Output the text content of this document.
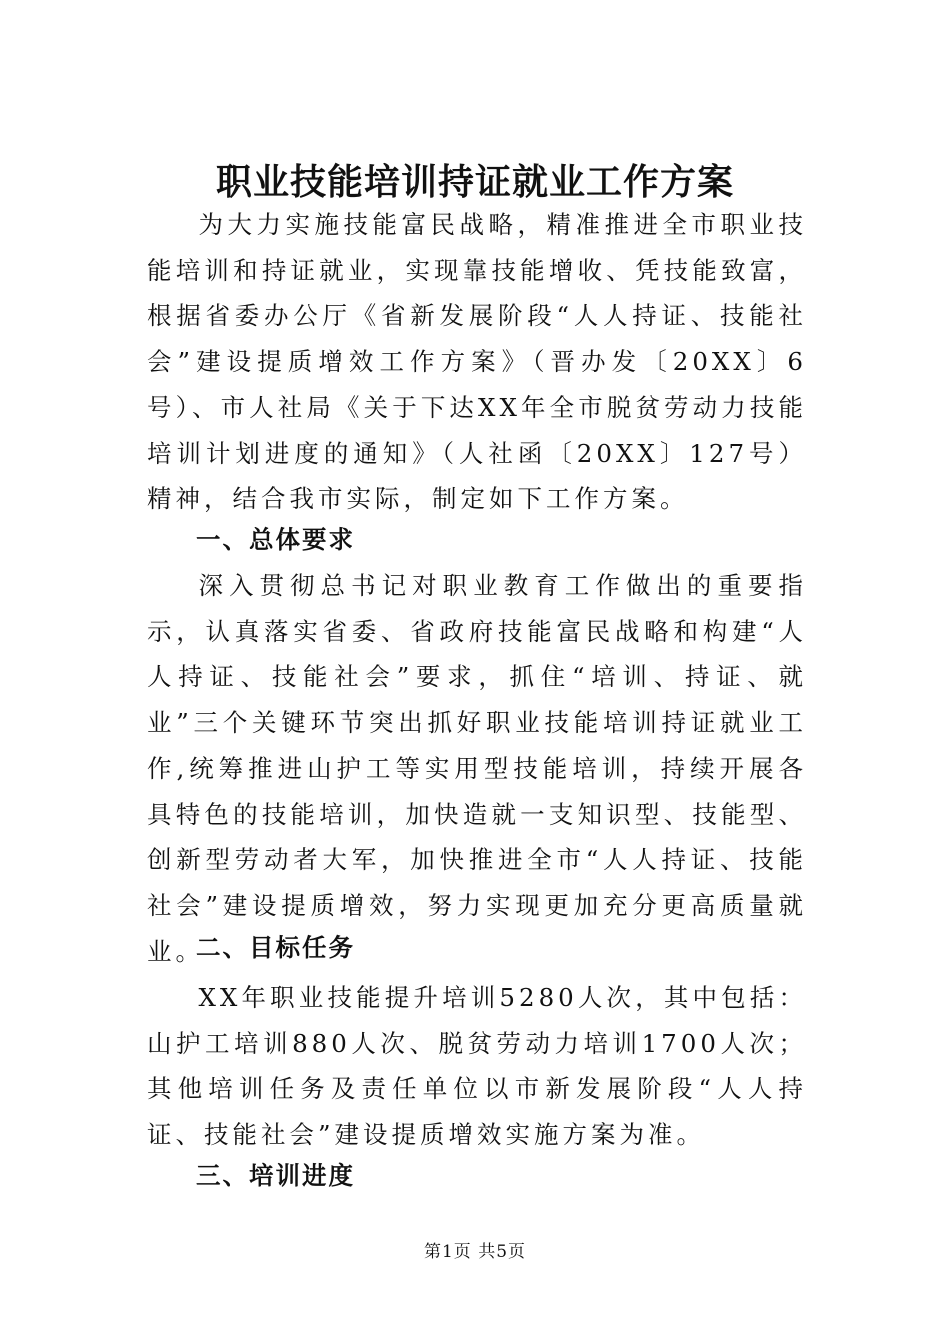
职业技能培训持证就业工作方案

为大力实施技能富民战略，精准推进全市职业技能培训和持证就业，实现靠技能增收、凭技能致富，根据省委办公厅《省新发展阶段“人人持证、技能社会”建设提质增效工作方案》（晋办发〔20XX〕6号）、市人社局《关于下达XX年全市脱贫劳动力技能培训计划进度的通知》（人社函〔20XX〕127号）精神，结合我市实际，制定如下工作方案。

一、总体要求

深入贯彻总书记对职业教育工作做出的重要指示，认真落实省委、省政府技能富民战略和构建“人人持证、技能社会”要求，抓住“培训、持证、就业”三个关键环节突出抓好职业技能培训持证就业工作,统筹推进山护工等实用型技能培训，持续开展各具特色的技能培训，加快造就一支知识型、技能型、创新型劳动者大军，加快推进全市“人人持证、技能社会”建设提质增效，努力实现更加充分更高质量就业。

二、目标任务

XX年职业技能提升培训5280人次，其中包括：山护工培训880人次、脱贫劳动力培训1700人次；其他培训任务及责任单位以市新发展阶段“人人持证、技能社会”建设提质增效实施方案为准。

三、培训进度
第1页 共5页
